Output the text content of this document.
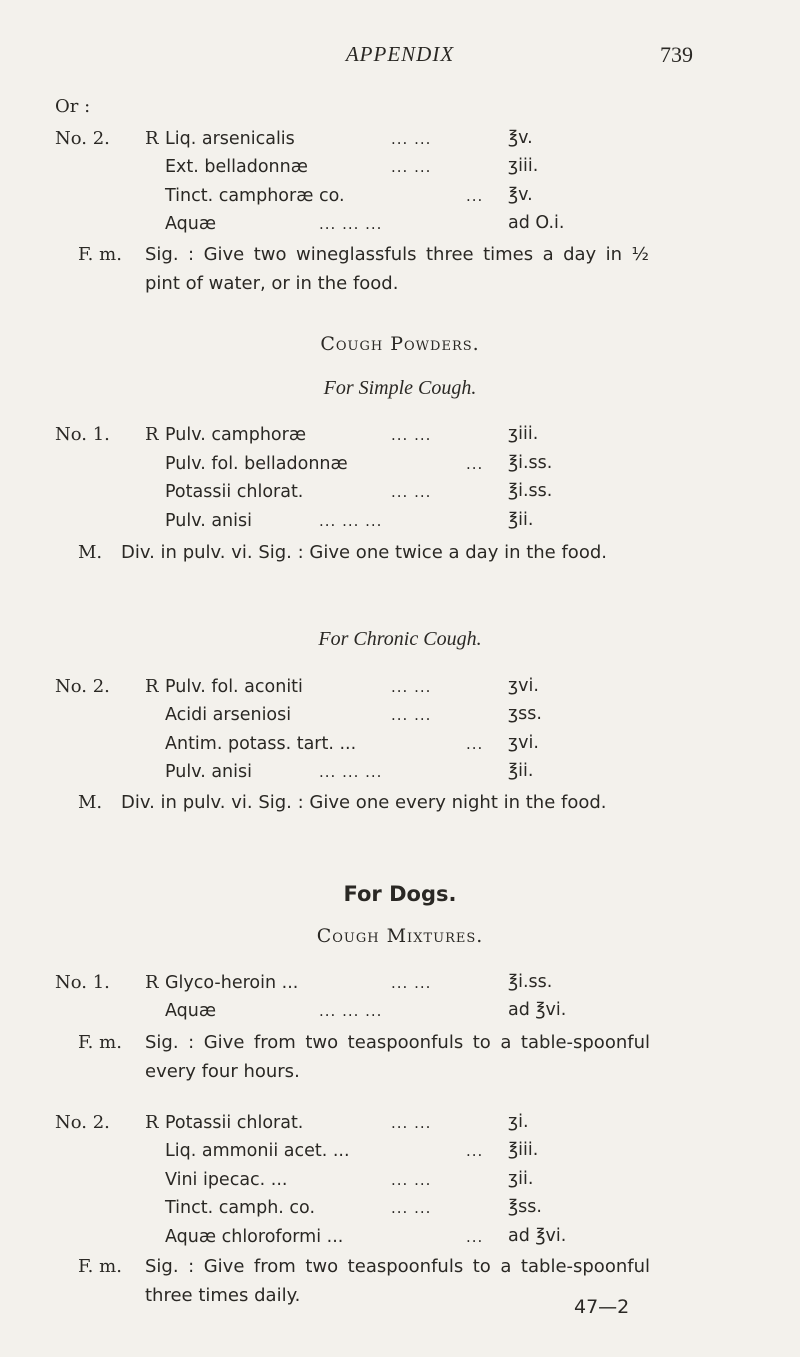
APPENDIX	739
Or :
No. 2. R Liq. arsenicalis	... ...	℥v.
Ext. belladonnæ	... ...	ʒiii.
Tinct. camphoræ co.	... ℥v.
Aquæ	... ... ...	ad O.i.
F. m. Sig. : Give two wineglassfuls three times a day in ½ pint of water, or in the food.
Cough Powders.
For Simple Cough.
No. 1. R Pulv. camphoræ	... ...	ʒiii.
Pulv. fol. belladonnæ	... ℥i.ss.
Potassii chlorat.	... ...	℥i.ss.
Pulv. anisi	... ... ...	℥ii.
M. Div. in pulv. vi. Sig. : Give one twice a day in the food.
For Chronic Cough.
No. 2. R Pulv. fol. aconiti	... ...	ʒvi.
Acidi arseniosi	... ...	ʒss.
Antim. potass. tart. ...	... ʒvi.
Pulv. anisi	... ... ...	℥ii.
M. Div. in pulv. vi. Sig. : Give one every night in the food.
For Dogs.
Cough Mixtures.
No. 1. R Glyco-heroin ...	... ...	℥i.ss.
Aquæ	... ... ...	ad ℥vi.
F. m. Sig. : Give from two teaspoonfuls to a table-spoonful every four hours.
No. 2. R Potassii chlorat.	... ...	ʒi.
Liq. ammonii acet. ...	... ℥iii.
Vini ipecac. ...	... ...	ʒii.
Tinct. camph. co.	... ...	℥ss.
Aquæ chloroformi ...	... ad ℥vi.
F. m. Sig. : Give from two teaspoonfuls to a table-spoonful three times daily.
47—2
